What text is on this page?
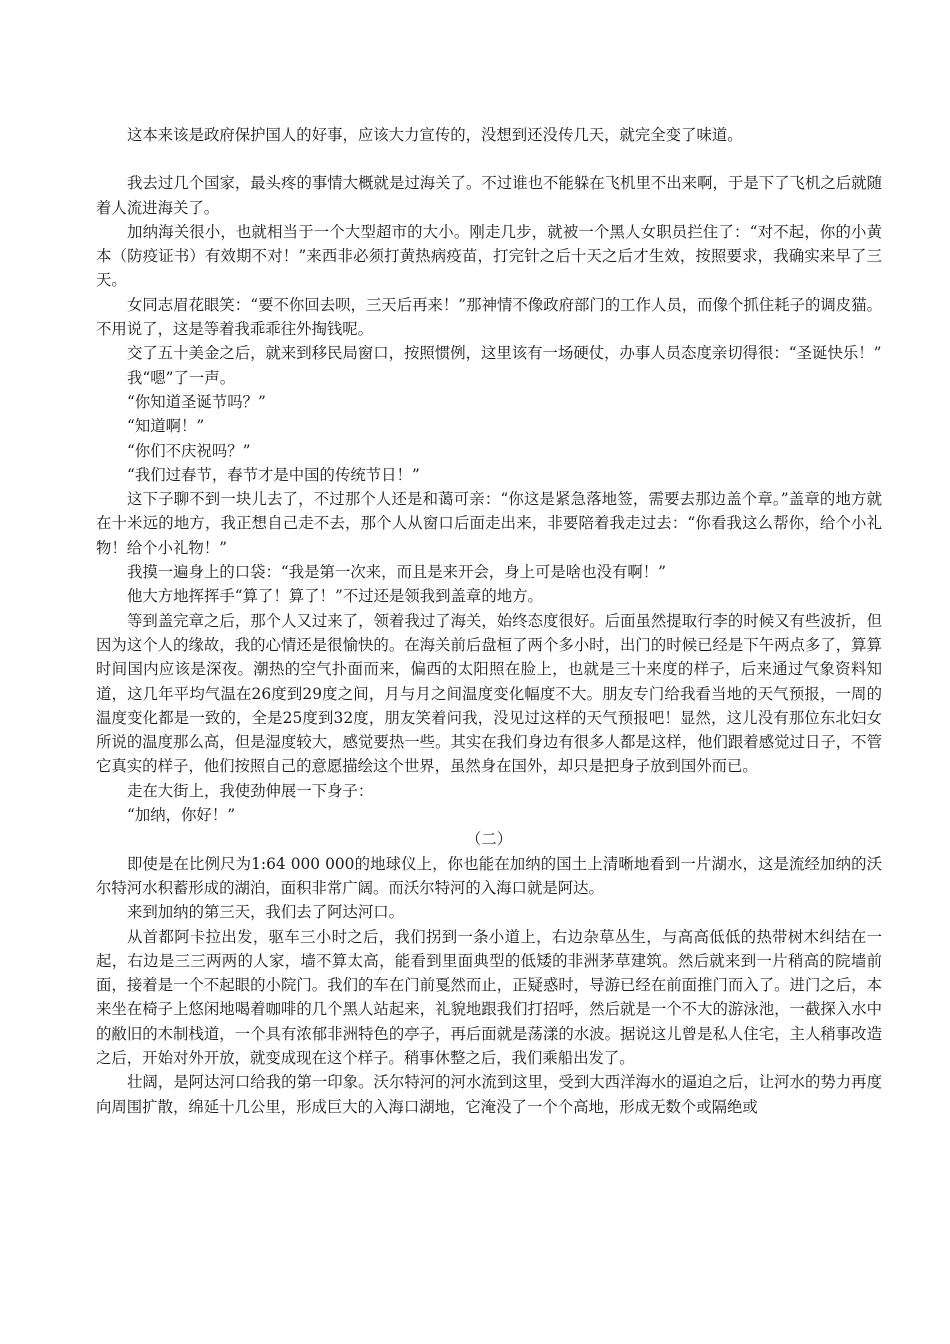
这本来该是政府保护国人的好事，应该大力宣传的，没想到还没传几天，就完全变了味道。

我去过几个国家，最头疼的事情大概就是过海关了。不过谁也不能躲在飞机里不出来啊，于是下了飞机之后就随着人流进海关了。

加纳海关很小，也就相当于一个大型超市的大小。刚走几步，就被一个黑人女职员拦住了：“对不起，你的小黄本（防疫证书）有效期不对！”来西非必须打黄热病疫苗，打完针之后十天之后才生效，按照要求，我确实来早了三天。

女同志眉花眼笑：“要不你回去呗，三天后再来！”那神情不像政府部门的工作人员，而像个抓住耗子的调皮猫。不用说了，这是等着我乖乖往外掏钱呢。

交了五十美金之后，就来到移民局窗口，按照惯例，这里该有一场硬仗，办事人员态度亲切得很：“圣诞快乐！”

我“嗯”了一声。

“你知道圣诞节吗？”

“知道啊！”

“你们不庆祝吗？”

“我们过春节，春节才是中国的传统节日！”

这下子聊不到一块儿去了，不过那个人还是和蔼可亲：“你这是紧急落地签，需要去那边盖个章。”盖章的地方就在十米远的地方，我正想自己走不去，那个人从窗口后面走出来，非要陪着我走过去：“你看我这么帮你，给个小礼物！给个小礼物！”

我摸一遍身上的口袋：“我是第一次来，而且是来开会，身上可是啥也没有啊！”

他大方地挥挥手“算了！算了！”不过还是领我到盖章的地方。

等到盖完章之后，那个人又过来了，领着我过了海关，始终态度很好。后面虽然提取行李的时候又有些波折，但因为这个人的缘故，我的心情还是很愉快的。在海关前后盘桓了两个多小时，出门的时候已经是下午两点多了，算算时间国内应该是深夜。潮热的空气扑面而来，偏西的太阳照在脸上，也就是三十来度的样子，后来通过气象资料知道，这几年平均气温在26度到29度之间，月与月之间温度变化幅度不大。朋友专门给我看当地的天气预报，一周的温度变化都是一致的，全是25度到32度，朋友笑着问我，没见过这样的天气预报吧！显然，这儿没有那位东北妇女所说的温度那么高，但是湿度较大，感觉要热一些。其实在我们身边有很多人都是这样，他们跟着感觉过日子，不管它真实的样子，他们按照自己的意愿描绘这个世界，虽然身在国外，却只是把身子放到国外而已。

走在大街上，我使劲伸展一下身子：

“加纳，你好！”

（二）

即使是在比例尺为1:64 000 000的地球仪上，你也能在加纳的国土上清晰地看到一片湖水，这是流经加纳的沃尔特河水积蓄形成的湖泊，面积非常广阔。而沃尔特河的入海口就是阿达。

来到加纳的第三天，我们去了阿达河口。

从首都阿卡拉出发，驱车三小时之后，我们拐到一条小道上，右边杂草丛生，与高高低低的热带树木纠结在一起，右边是三三两两的人家，墙不算太高，能看到里面典型的低矮的非洲茅草建筑。然后就来到一片稍高的院墙前面，接着是一个不起眼的小院门。我们的车在门前戛然而止，正疑惑时，导游已经在前面推门而入了。进门之后，本来坐在椅子上悠闲地喝着咖啡的几个黑人站起来，礼貌地跟我们打招呼，然后就是一个不大的游泳池，一截探入水中的敝旧的木制栈道，一个具有浓郁非洲特色的亭子，再后面就是荡漾的水波。据说这儿曾是私人住宅，主人稍事改造之后，开始对外开放，就变成现在这个样子。稍事休整之后，我们乘船出发了。

壮阔，是阿达河口给我的第一印象。沃尔特河的河水流到这里，受到大西洋海水的逼迫之后，让河水的势力再度向周围扩散，绵延十几公里，形成巨大的入海口湖地，它淹没了一个个高地，形成无数个或隔绝或
